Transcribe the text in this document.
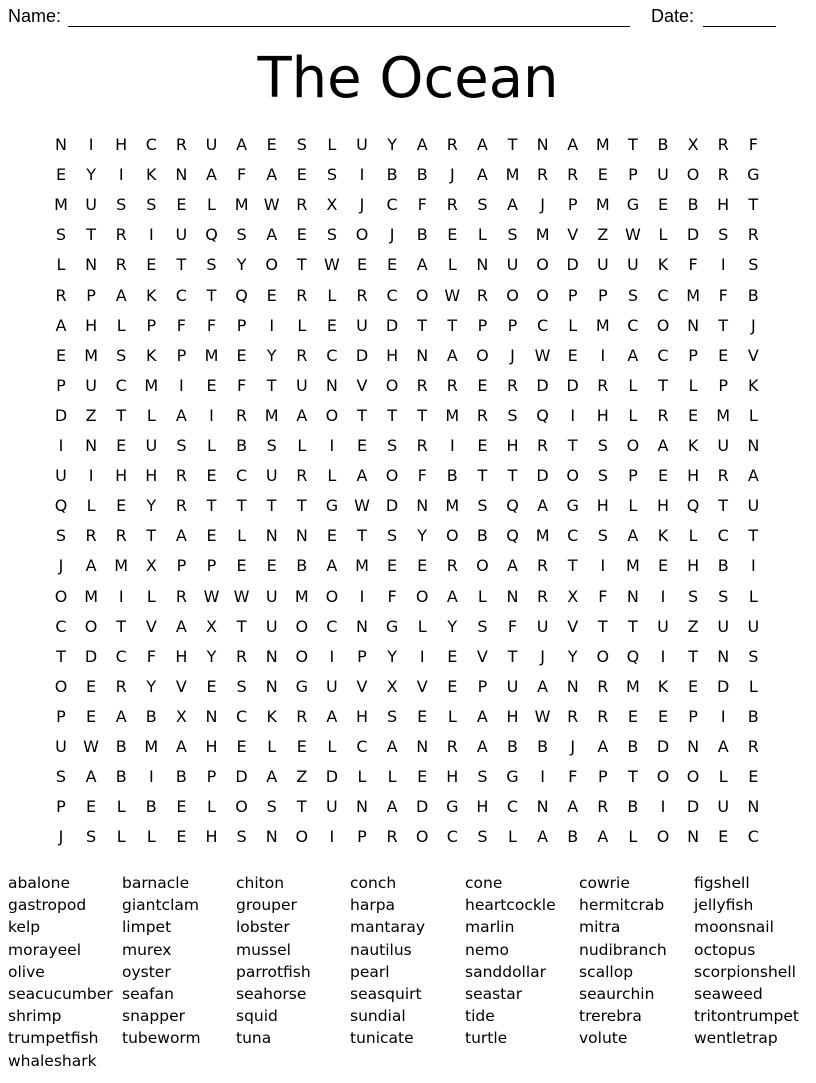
Name:	Date:
The Ocean
N	I	H	C	R	U	A	E	S	L	U	Y	A	R	A	T	N	A	M	T	B	X	R	F
E	Y	I	K	N	A	F	A	E	S	I	B	B	J	A	M	R	R	E	P	U	O	R	G
M	U	S	S	E	L	M W	R	X	J	C	F	R	S	A	J	P	M	G	E	B	H	T
S	T	R	I	U	Q	S	A	E	S	O	J	B	E	L	S	M	V	Z	W	L	D	S	R
L	N	R	E	T	S	Y	O	T	W	E	E	A	L	N	U	O	D	U	U	K	F	I	S
R	P	A	K	C	T	Q	E	R	L	R	C	O W	R	O	O	P	P	S	C	M	F	B
A	H	L	P	F	F	P	I	L	E	U	D	T	T	P	P	C	L	M	C	O	N	T	J
E	M	S	K	P	M	E	Y	R	C	D	H	N	A	O	J	W	E	I	A	C	P	E	V
P	U	C	M	I	E	F	T	U	N	V	O	R	R	E	R	D	D	R	L	T	L	P	K
D	Z	T	L	A	I	R	M	A	O	T	T	T	M	R	S	Q	I	H	L	R	E	M	L
I	N	E	U	S	L	B	S	L	I	E	S	R	I	E	H	R	T	S	O	A	K	U	N
U	I	H	H	R	E	C	U	R	L	A	O	F	B	T	T	D	O	S	P	E	H	R	A
Q	L	E	Y	R	T	T	T	T	G W	D	N	M	S	Q	A	G	H	L	H	Q	T	U
S	R	R	T	A	E	L	N	N	E	T	S	Y	O	B	Q	M	C	S	A	K	L	C	T
J	A	M	X	P	P	E	E	B	A	M	E	E	R	O	A	R	T	I	M	E	H	B	I
O	M	I	L	R	W W	U	M	O	I	F	O	A	L	N	R	X	F	N	I	S	S	L
C	O	T	V	A	X	T	U	O	C	N	G	L	Y	S	F	U	V	T	T	U	Z	U	U
T	D	C	F	H	Y	R	N	O	I	P	Y	I	E	V	T	J	Y	O	Q	I	T	N	S
O	E	R	Y	V	E	S	N	G	U	V	X	V	E	P	U	A	N	R	M	K	E	D	L
P	E	A	B	X	N	C	K	R	A	H	S	E	L	A	H	W	R	R	E	E	P	I	B
U	W	B	M	A	H	E	L	E	L	C	A	N	R	A	B	B	J	A	B	D	N	A	R
S	A	B	I	B	P	D	A	Z	D	L	L	E	H	S	G	I	F	P	T	O	O	L	E
P	E	L	B	E	L	O	S	T	U	N	A	D	G	H	C	N	A	R	B	I	D	U	N
J	S	L	L	E	H	S	N	O	I	P	R	O	C	S	L	A	B	A	L	O	N	E	C
abalone	barnacle	chiton	conch	cone	cowrie	figshell
gastropod giantclam grouper	harpa	heartcockle hermitcrab jellyfish
kelp	limpet	lobster	mantaray	marlin	mitra	moonsnail
morayeel	murex	mussel	nautilus	nemo	nudibranch octopus
olive	oyster	parrotfish	pearl	sanddollar scallop	scorpionshell
seacucumber seafan	seahorse	seasquirt	seastar	seaurchin	seaweed
shrimp	snapper	squid	sundial	tide	trerebra	tritontrumpet
trumpetfish tubeworm tuna	tunicate	turtle	volute	wentletrap
whaleshark
